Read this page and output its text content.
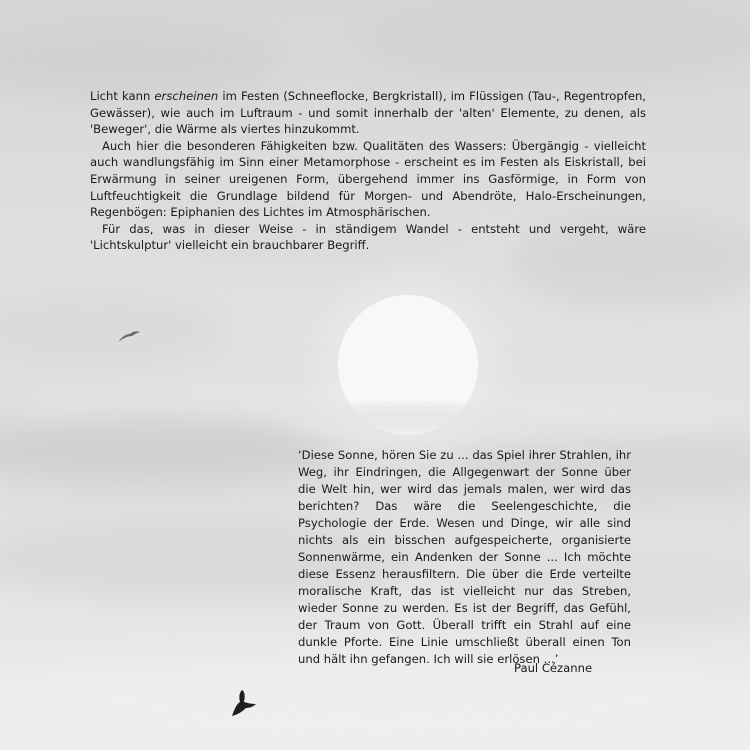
Licht kann erscheinen im Festen (Schneeflocke, Bergkristall), im Flüssigen (Tau-, Regentropfen, Gewässer), wie auch im Luftraum - und somit innerhalb der 'alten' Elemente, zu denen, als 'Beweger', die Wärme als viertes hinzukommt.

Auch hier die besonderen Fähigkeiten bzw. Qualitäten des Wassers: Übergängig - vielleicht auch wandlungsfähig im Sinn einer Metamorphose - erscheint es im Festen als Eiskristall, bei Erwärmung in seiner ureigenen Form, übergehend immer ins Gasförmige, in Form von Luftfeuchtigkeit die Grundlage bildend für Morgen- und Abendröte, Halo-Erscheinungen, Regenbögen: Epiphanien des Lichtes im Atmosphärischen.

Für das, was in dieser Weise - in ständigem Wandel - entsteht und vergeht, wäre 'Lichtskulptur' vielleicht ein brauchbarer Begriff.

‘Diese Sonne, hören Sie zu ... das Spiel ihrer Strahlen, ihr Weg, ihr Eindringen, die Allgegenwart der Sonne über die Welt hin, wer wird das jemals malen, wer wird das berichten? Das wäre die Seelengeschichte, die Psychologie der Erde. Wesen und Dinge, wir alle sind nichts als ein bisschen aufgespeicherte, organisierte Sonnenwärme, ein Andenken der Sonne ... Ich möchte diese Essenz herausfiltern. Die über die Erde verteilte moralische Kraft, das ist vielleicht nur das Streben, wieder Sonne zu werden. Es ist der Begriff, das Gefühl, der Traum von Gott. Überall trifft ein Strahl auf eine dunkle Pforte. Eine Linie umschließt überall einen Ton und hält ihn gefangen. Ich will sie erlösen ...’

Paul Cézanne
